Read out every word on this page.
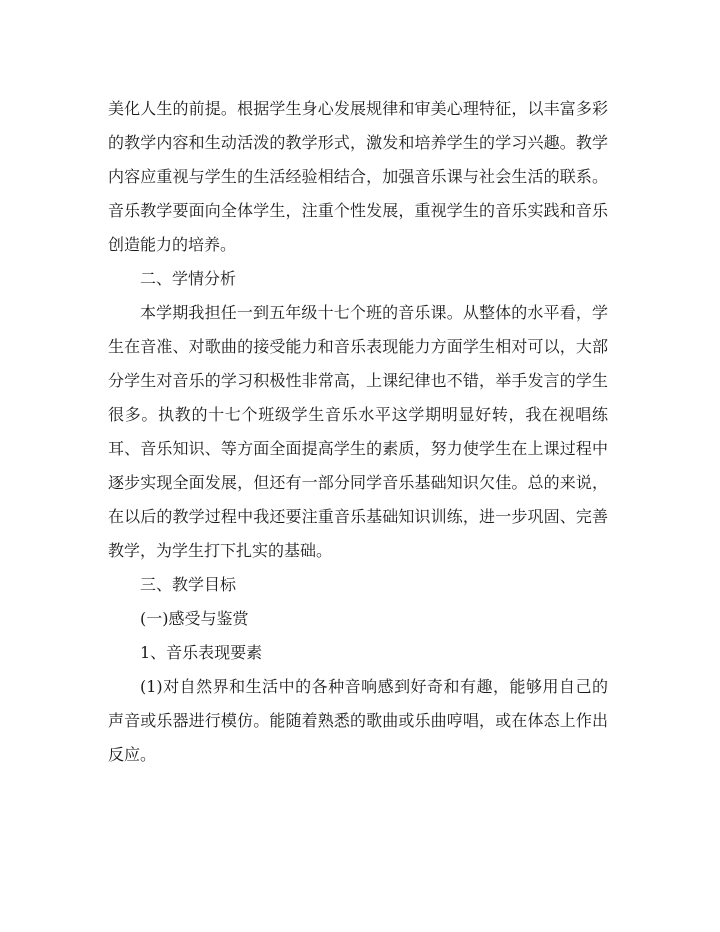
美化人生的前提。根据学生身心发展规律和审美心理特征，以丰富多彩的教学内容和生动活泼的教学形式，激发和培养学生的学习兴趣。教学内容应重视与学生的生活经验相结合，加强音乐课与社会生活的联系。音乐教学要面向全体学生，注重个性发展，重视学生的音乐实践和音乐创造能力的培养。

二、学情分析

本学期我担任一到五年级十七个班的音乐课。从整体的水平看，学生在音准、对歌曲的接受能力和音乐表现能力方面学生相对可以，大部分学生对音乐的学习积极性非常高，上课纪律也不错，举手发言的学生很多。执教的十七个班级学生音乐水平这学期明显好转，我在视唱练耳、音乐知识、等方面全面提高学生的素质，努力使学生在上课过程中逐步实现全面发展，但还有一部分同学音乐基础知识欠佳。总的来说，在以后的教学过程中我还要注重音乐基础知识训练，进一步巩固、完善教学，为学生打下扎实的基础。

三、教学目标

(一)感受与鉴赏

1、音乐表现要素

(1)对自然界和生活中的各种音响感到好奇和有趣，能够用自己的声音或乐器进行模仿。能随着熟悉的歌曲或乐曲哼唱，或在体态上作出反应。
